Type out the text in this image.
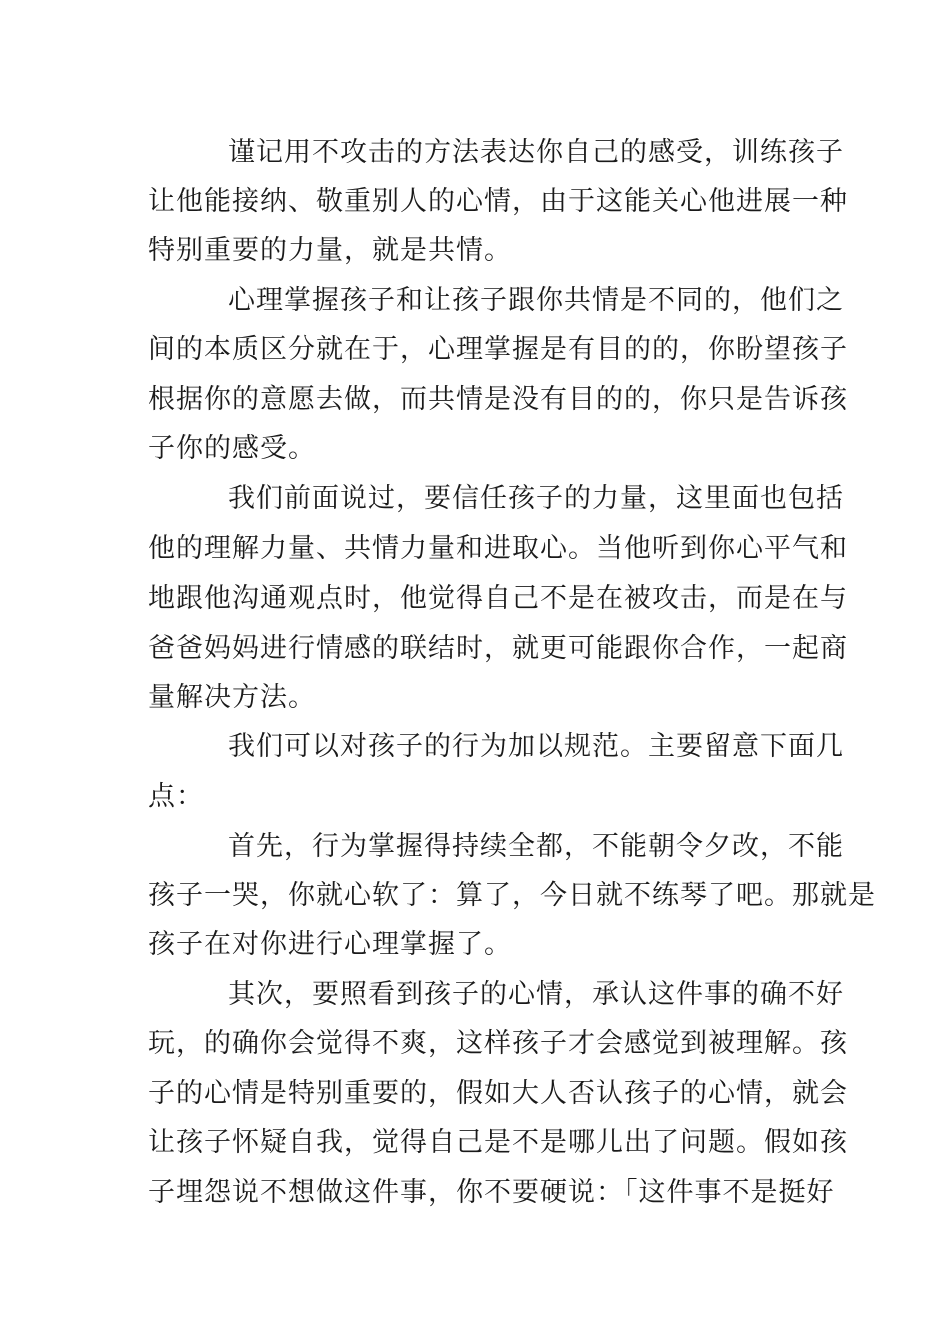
谨记用不攻击的方法表达你自己的感受，训练孩子
让他能接纳、敬重别人的心情，由于这能关心他进展一种
特别重要的力量，就是共情。
心理掌握孩子和让孩子跟你共情是不同的，他们之
间的本质区分就在于，心理掌握是有目的的，你盼望孩子
根据你的意愿去做，而共情是没有目的的，你只是告诉孩
子你的感受。
我们前面说过，要信任孩子的力量，这里面也包括
他的理解力量、共情力量和进取心。当他听到你心平气和
地跟他沟通观点时，他觉得自己不是在被攻击，而是在与
爸爸妈妈进行情感的联结时，就更可能跟你合作，一起商
量解决方法。
我们可以对孩子的行为加以规范。主要留意下面几
点：
首先，行为掌握得持续全都，不能朝令夕改，不能
孩子一哭，你就心软了：算了，今日就不练琴了吧。那就是
孩子在对你进行心理掌握了。
其次，要照看到孩子的心情，承认这件事的确不好
玩，的确你会觉得不爽，这样孩子才会感觉到被理解。孩
子的心情是特别重要的，假如大人否认孩子的心情，就会
让孩子怀疑自我，觉得自己是不是哪儿出了问题。假如孩
子埋怨说不想做这件事，你不要硬说：「这件事不是挺好
